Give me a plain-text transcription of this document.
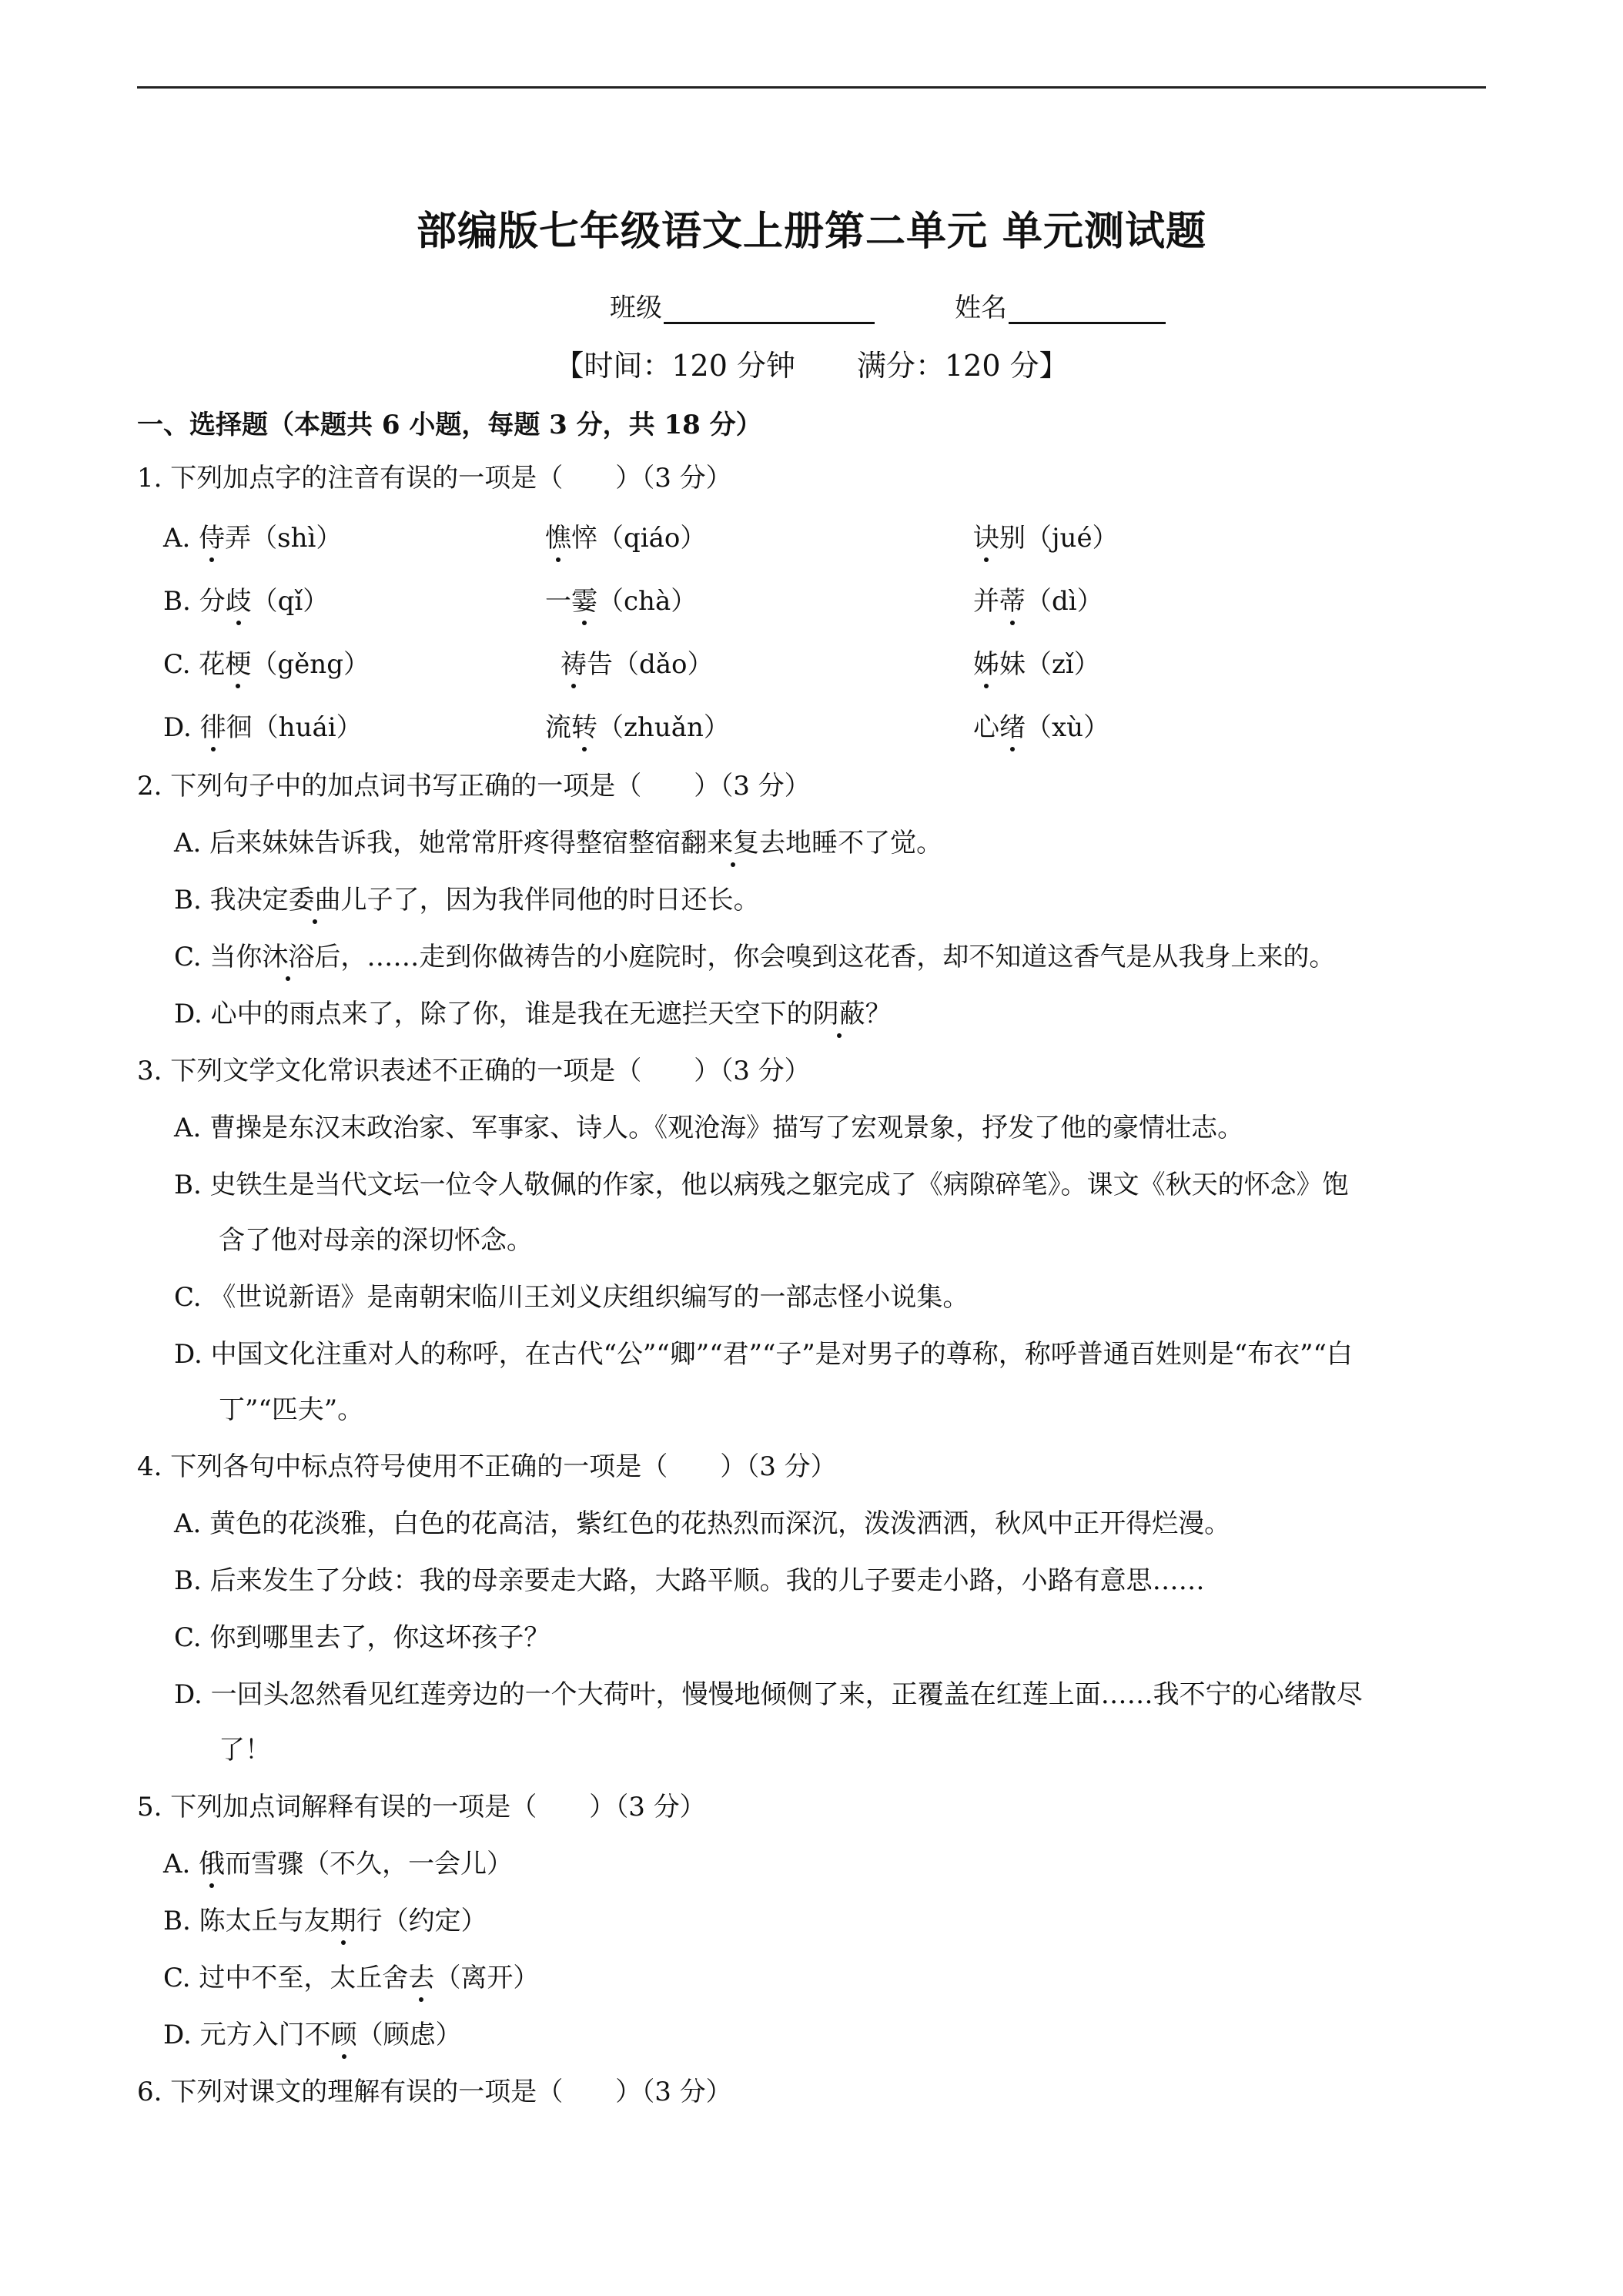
部编版七年级语文上册第二单元 单元测试题
班级	姓名
【时间：120 分钟 满分：120 分】
一、选择题（本题共 6 小题，每题 3 分，共 18 分）
1. 下列加点字的注音有误的一项是（　　）（3 分）
A. 侍弄（shì）	憔悴（qiáo）	诀别（jué）
B. 分歧（qǐ）	一霎（chà）	并蒂（dì）
C. 花梗（gěng）	祷告（dǎo）	姊妹（zǐ）
D. 徘徊（huái）	流转（zhuǎn）	心绪（xù）
2. 下列句子中的加点词书写正确的一项是（　　）（3 分）
A. 后来妹妹告诉我，她常常肝疼得整宿整宿翻来复去地睡不了觉。
B. 我决定委曲儿子了，因为我伴同他的时日还长。
C. 当你沐浴后，……走到你做祷告的小庭院时，你会嗅到这花香，却不知道这香气是从我身上来的。
D. 心中的雨点来了，除了你，谁是我在无遮拦天空下的阴蔽？
3. 下列文学文化常识表述不正确的一项是（　　）（3 分）
A. 曹操是东汉末政治家、军事家、诗人。《观沧海》描写了宏观景象，抒发了他的豪情壮志。
B. 史铁生是当代文坛一位令人敬佩的作家，他以病残之躯完成了《病隙碎笔》。课文《秋天的怀念》饱
含了他对母亲的深切怀念。
C. 《世说新语》是南朝宋临川王刘义庆组织编写的一部志怪小说集。
D. 中国文化注重对人的称呼，在古代“公”“卿”“君”“子”是对男子的尊称，称呼普通百姓则是“布衣”“白
丁”“匹夫”。
4. 下列各句中标点符号使用不正确的一项是（　　）（3 分）
A. 黄色的花淡雅，白色的花高洁，紫红色的花热烈而深沉，泼泼洒洒，秋风中正开得烂漫。
B. 后来发生了分歧：我的母亲要走大路，大路平顺。我的儿子要走小路，小路有意思……
C. 你到哪里去了，你这坏孩子？
D. 一回头忽然看见红莲旁边的一个大荷叶，慢慢地倾侧了来，正覆盖在红莲上面……我不宁的心绪散尽
了！
5. 下列加点词解释有误的一项是（　　）（3 分）
A. 俄而雪骤（不久，一会儿）
B. 陈太丘与友期行（约定）
C. 过中不至，太丘舍去（离开）
D. 元方入门不顾（顾虑）
6. 下列对课文的理解有误的一项是（　　）（3 分）
